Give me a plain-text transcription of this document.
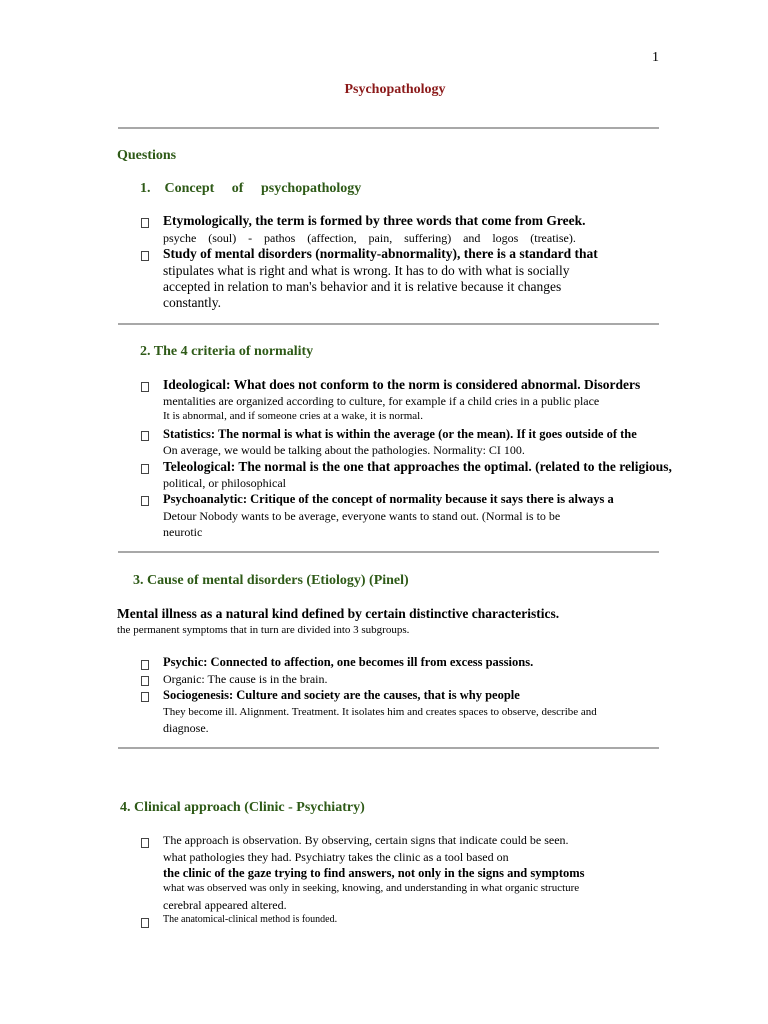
1
Psychopathology
Questions
1. Concept of psychopathology
Etymologically, the term is formed by three words that come from Greek.
psyche (soul) - pathos (affection, pain, suffering) and logos (treatise).
Study of mental disorders (normality-abnormality), there is a standard that
stipulates what is right and what is wrong. It has to do with what is socially
accepted in relation to man's behavior and it is relative because it changes
constantly.
2. The 4 criteria of normality
Ideological: What does not conform to the norm is considered abnormal. Disorders
mentalities are organized according to culture, for example if a child cries in a public place
It is abnormal, and if someone cries at a wake, it is normal.
Statistics: The normal is what is within the average (or the mean). If it goes outside of the
On average, we would be talking about the pathologies. Normality: CI 100.
Teleological: The normal is the one that approaches the optimal. (related to the religious,
political, or philosophical
Psychoanalytic: Critique of the concept of normality because it says there is always a
Detour Nobody wants to be average, everyone wants to stand out. (Normal is to be
neurotic
3. Cause of mental disorders (Etiology) (Pinel)
Mental illness as a natural kind defined by certain distinctive characteristics.
the permanent symptoms that in turn are divided into 3 subgroups.
Psychic: Connected to affection, one becomes ill from excess passions.
Organic: The cause is in the brain.
Sociogenesis: Culture and society are the causes, that is why people
They become ill. Alignment. Treatment. It isolates him and creates spaces to observe, describe and
diagnose.
4. Clinical approach (Clinic - Psychiatry)
The approach is observation. By observing, certain signs that indicate could be seen.
what pathologies they had. Psychiatry takes the clinic as a tool based on
the clinic of the gaze trying to find answers, not only in the signs and symptoms
what was observed was only in seeking, knowing, and understanding in what organic structure
cerebral appeared altered.
The anatomical-clinical method is founded.
